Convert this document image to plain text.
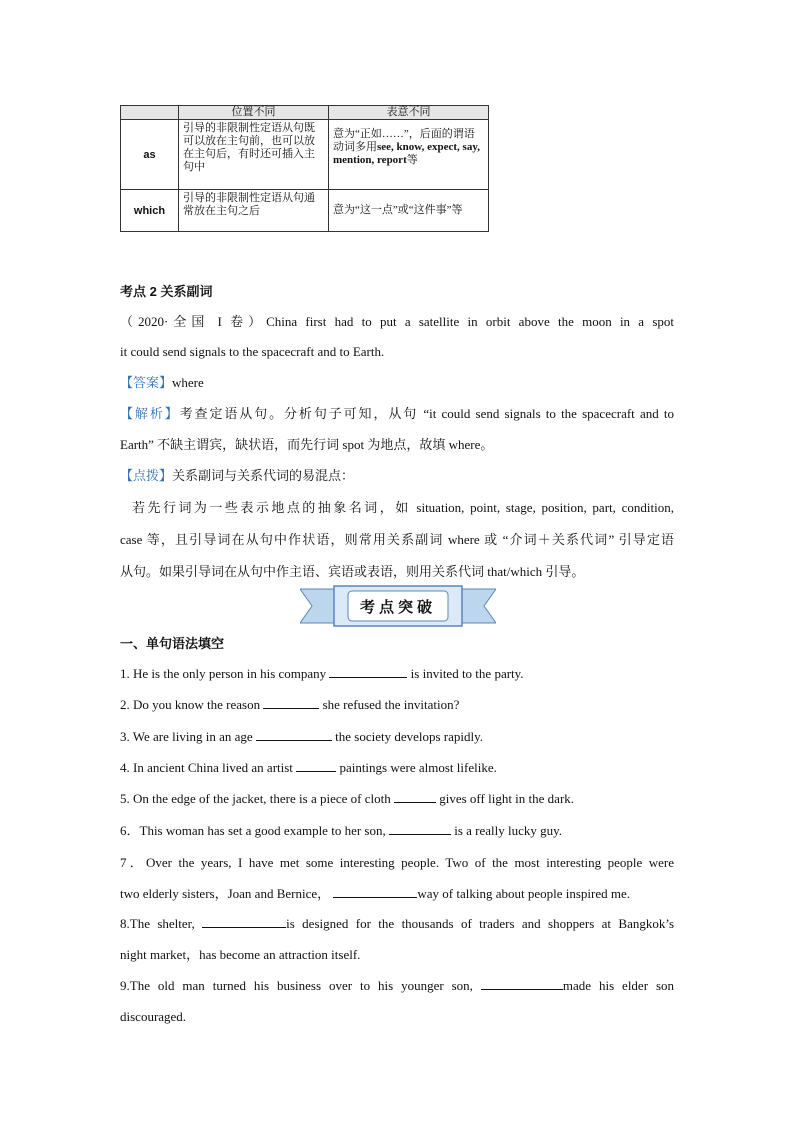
	位置不同	表意不同
as	引导的非限制性定语从句既可以放在主句前，也可以放在主句后，有时还可插入主句中	意为“正如……”，后面的谓语动词多用see, know, expect, say, mention, report等
which	引导的非限制性定语从句通常放在主句之后	意为“这一点”或“这件事”等

考点 2 关系副词

（2020·全国 I 卷）China first had to put a satellite in orbit above the moon in a spot

it could send signals to the spacecraft and to Earth.

【答案】where

【解析】考查定语从句。分析句子可知，从句 “it could send signals to the spacecraft and to

Earth” 不缺主谓宾，缺状语，而先行词 spot 为地点，故填 where。

【点拨】关系副词与关系代词的易混点：

若先行词为一些表示地点的抽象名词，如 situation, point, stage, position, part, condition,

case 等，且引导词在从句中作状语，则常用关系副词 where 或 “介词＋关系代词” 引导定语

从句。如果引导词在从句中作主语、宾语或表语，则用关系代词 that/which 引导。

考点突破

一、单句语法填空

1. He is the only person in his company	is invited to the party.

2. Do you know the reason	she refused the invitation?

3. We are living in an age	the society develops rapidly.

4. In ancient China lived an artist	paintings were almost lifelike.

5. On the edge of the jacket, there is a piece of cloth	gives off light in the dark.

6．This woman has set a good example to her son,	is a really lucky guy.

7．Over the years, I have met some interesting people. Two of the most interesting people were

two elderly sisters，Joan and Bernice，	way of talking about people inspired me.

8.The shelter,	is designed for the thousands of traders and shoppers at Bangkok’s

night market，has become an attraction itself.

9.The old man turned his business over to his younger son,	made his elder son

discouraged.
